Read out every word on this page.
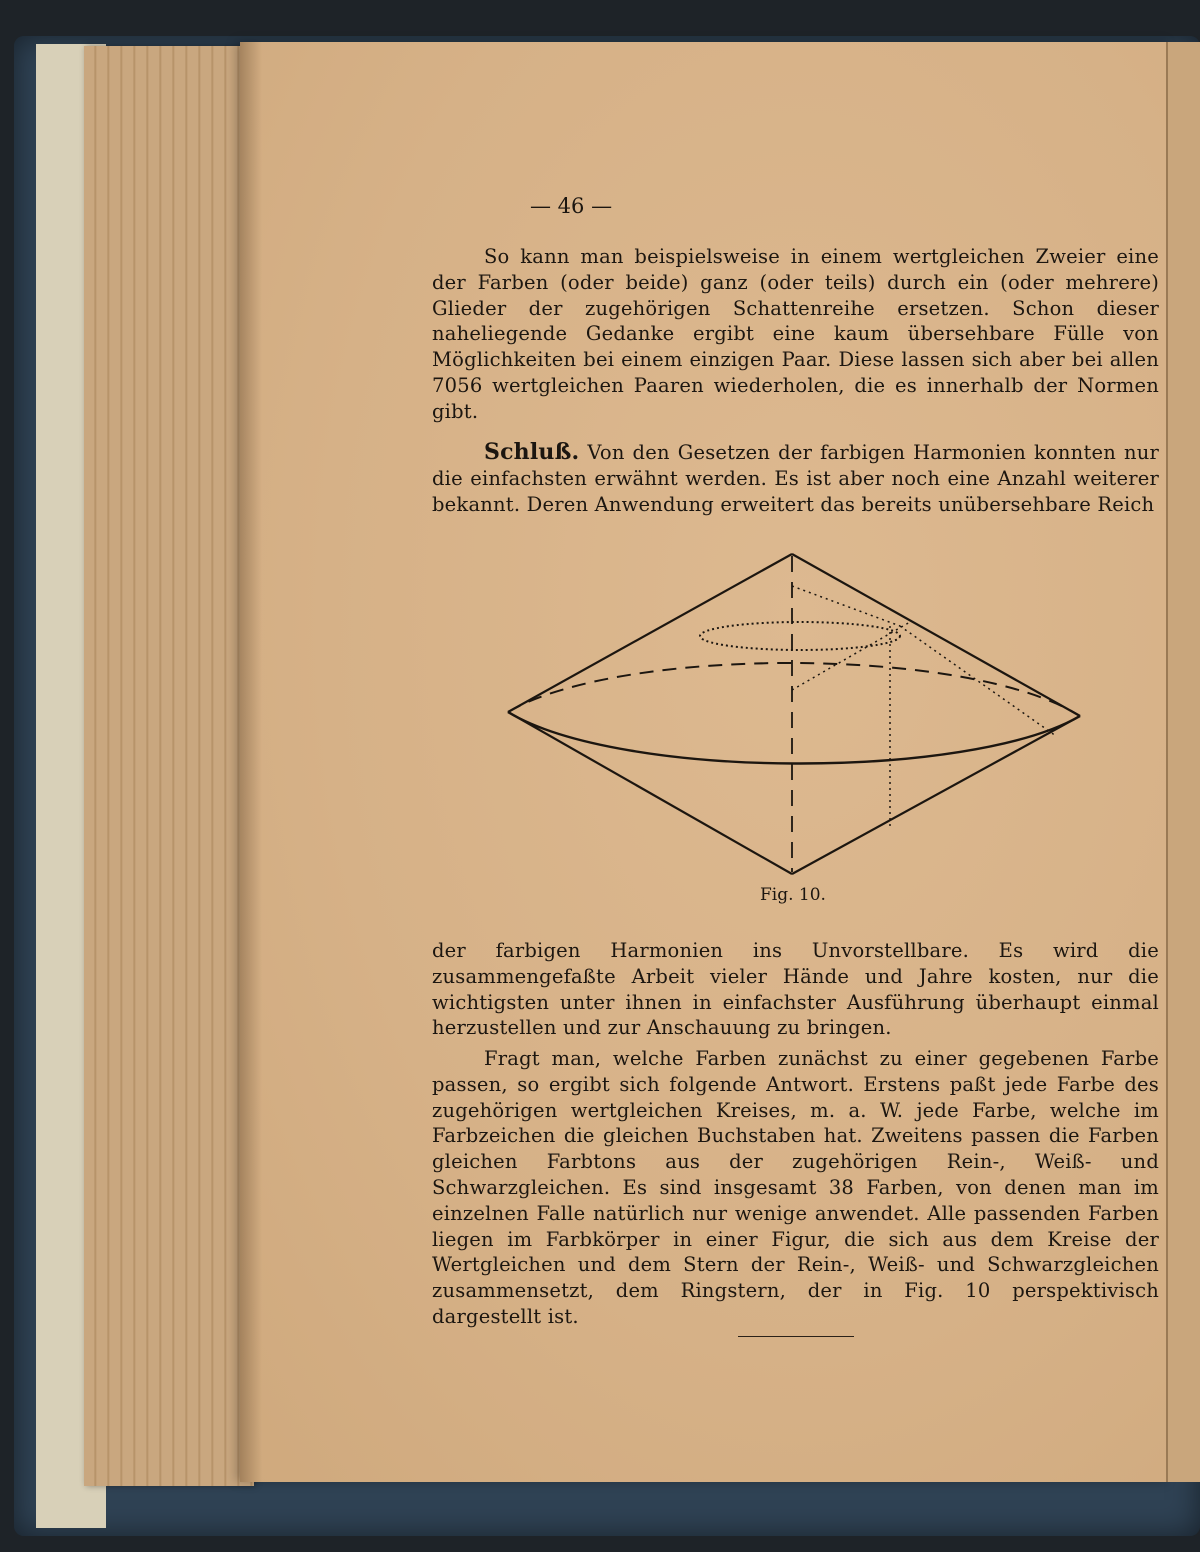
— 46 —
So kann man beispielsweise in einem wertgleichen Zweier eine der Farben (oder beide) ganz (oder teils) durch ein (oder mehrere) Glieder der zugehörigen Schattenreihe ersetzen. Schon dieser naheliegende Gedanke ergibt eine kaum übersehbare Fülle von Möglichkeiten bei einem einzigen Paar. Diese lassen sich aber bei allen 7056 wertgleichen Paaren wiederholen, die es innerhalb der Normen gibt.
Schluß. Von den Gesetzen der farbigen Harmonien konnten nur die einfachsten erwähnt werden. Es ist aber noch eine Anzahl weiterer bekannt. Deren Anwendung erweitert das bereits unübersehbare Reich
Fig. 10.
der farbigen Harmonien ins Unvorstellbare. Es wird die zusammengefaßte Arbeit vieler Hände und Jahre kosten, nur die wichtigsten unter ihnen in einfachster Ausführung überhaupt einmal herzustellen und zur Anschauung zu bringen.
Fragt man, welche Farben zunächst zu einer gegebenen Farbe passen, so ergibt sich folgende Antwort. Erstens paßt jede Farbe des zugehörigen wertgleichen Kreises, m. a. W. jede Farbe, welche im Farbzeichen die gleichen Buchstaben hat. Zweitens passen die Farben gleichen Farbtons aus der zugehörigen Rein-, Weiß- und Schwarzgleichen. Es sind insgesamt 38 Farben, von denen man im einzelnen Falle natürlich nur wenige anwendet. Alle passenden Farben liegen im Farbkörper in einer Figur, die sich aus dem Kreise der Wertgleichen und dem Stern der Rein-, Weiß- und Schwarzgleichen zusammensetzt, dem Ringstern, der in Fig. 10 perspektivisch dargestellt ist.
